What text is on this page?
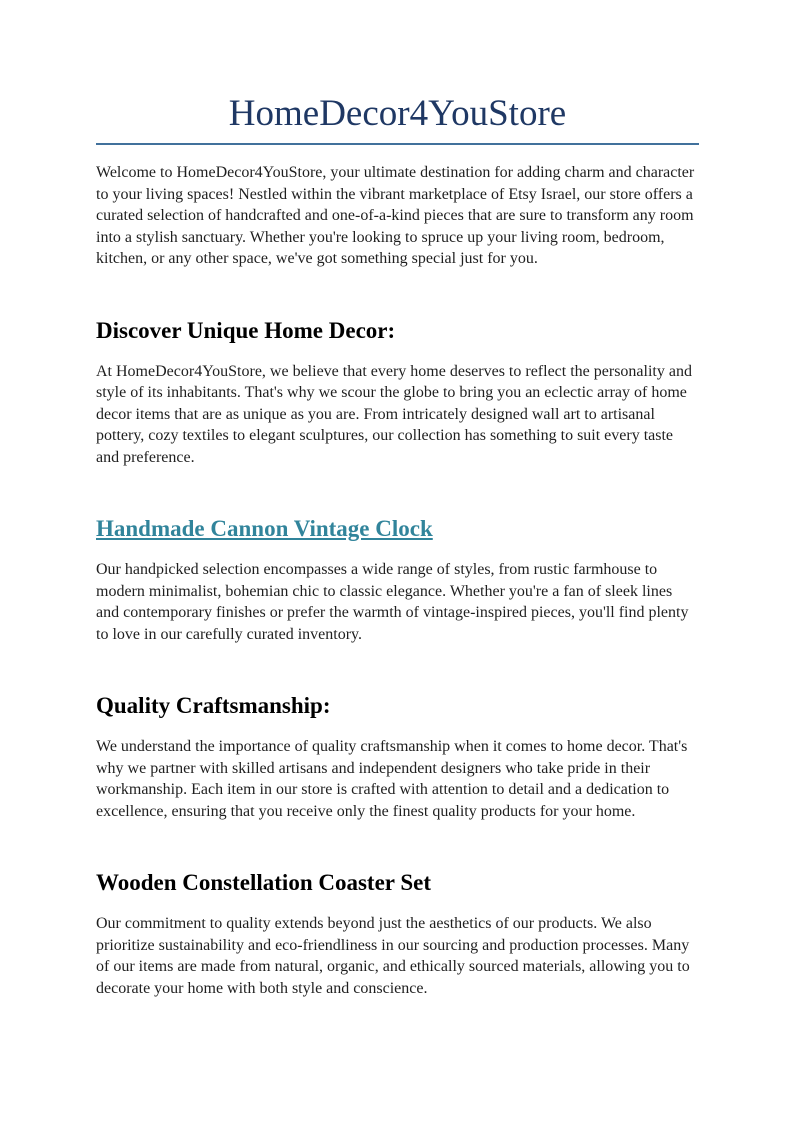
HomeDecor4YouStore

Welcome to HomeDecor4YouStore, your ultimate destination for adding charm and character to your living spaces! Nestled within the vibrant marketplace of Etsy Israel, our store offers a curated selection of handcrafted and one-of-a-kind pieces that are sure to transform any room into a stylish sanctuary. Whether you're looking to spruce up your living room, bedroom, kitchen, or any other space, we've got something special just for you.

Discover Unique Home Decor:

At HomeDecor4YouStore, we believe that every home deserves to reflect the personality and style of its inhabitants. That's why we scour the globe to bring you an eclectic array of home decor items that are as unique as you are. From intricately designed wall art to artisanal pottery, cozy textiles to elegant sculptures, our collection has something to suit every taste and preference.

Handmade Cannon Vintage Clock

Our handpicked selection encompasses a wide range of styles, from rustic farmhouse to modern minimalist, bohemian chic to classic elegance. Whether you're a fan of sleek lines and contemporary finishes or prefer the warmth of vintage-inspired pieces, you'll find plenty to love in our carefully curated inventory.

Quality Craftsmanship:

We understand the importance of quality craftsmanship when it comes to home decor. That's why we partner with skilled artisans and independent designers who take pride in their workmanship. Each item in our store is crafted with attention to detail and a dedication to excellence, ensuring that you receive only the finest quality products for your home.

Wooden Constellation Coaster Set

Our commitment to quality extends beyond just the aesthetics of our products. We also prioritize sustainability and eco-friendliness in our sourcing and production processes. Many of our items are made from natural, organic, and ethically sourced materials, allowing you to decorate your home with both style and conscience.
